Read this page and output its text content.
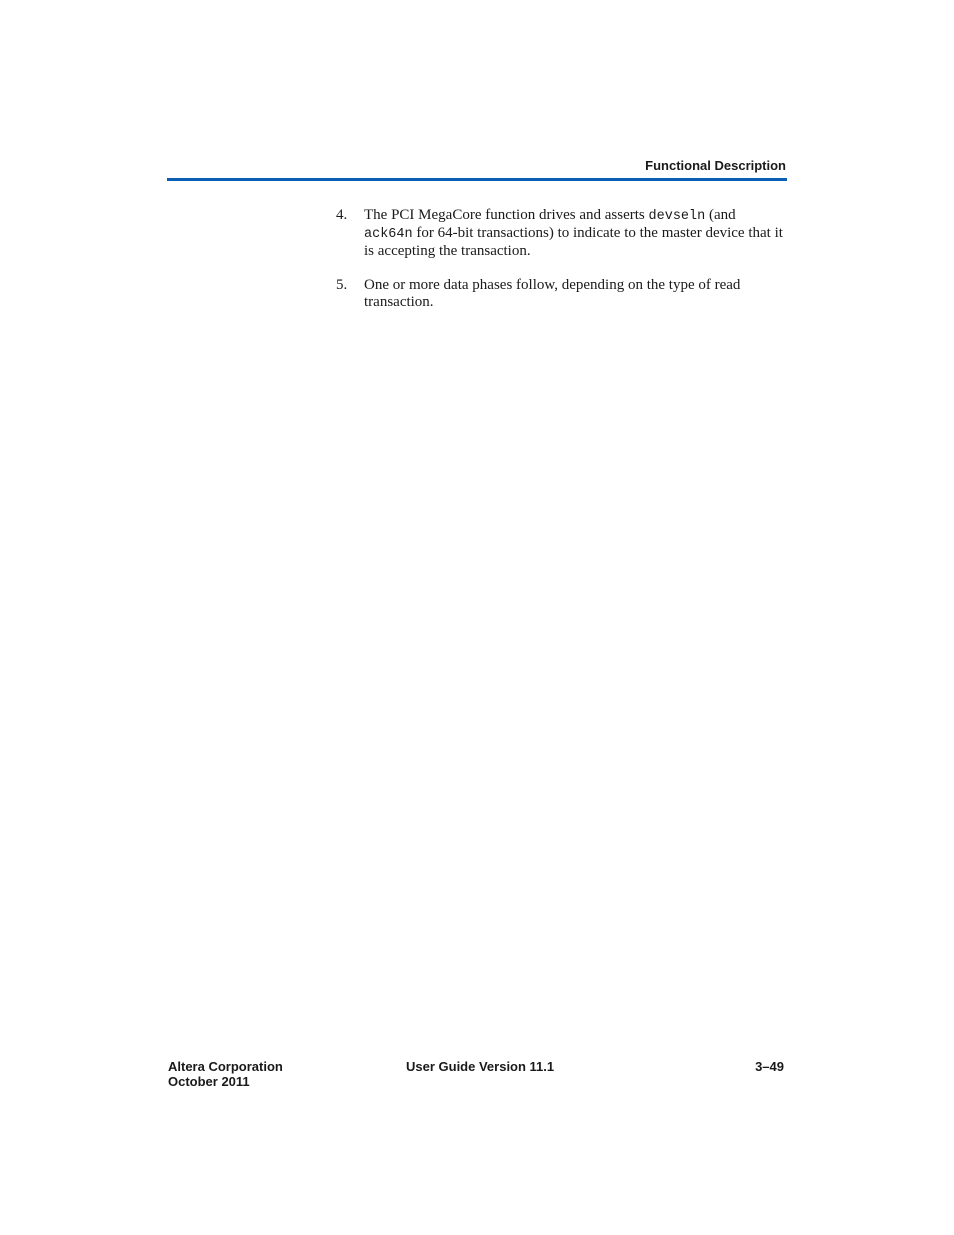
Functional Description
4.	The PCI MegaCore function drives and asserts devseln (and
ack64n for 64-bit transactions) to indicate to the master device that it is accepting the transaction.
5.	One or more data phases follow, depending on the type of read transaction.
Altera Corporation
October 2011
User Guide Version 11.1	3–49
